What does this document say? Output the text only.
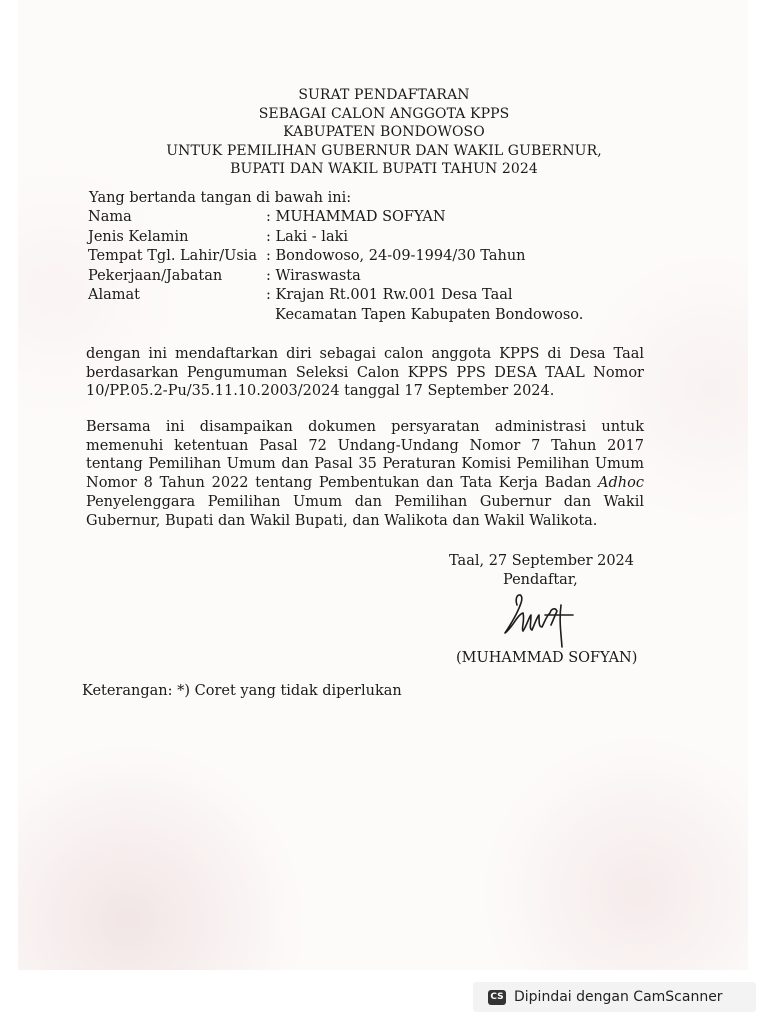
SURAT PENDAFTARAN
SEBAGAI CALON ANGGOTA KPPS
KABUPATEN BONDOWOSO
UNTUK PEMILIHAN GUBERNUR DAN WAKIL GUBERNUR,
BUPATI DAN WAKIL BUPATI TAHUN 2024
Yang bertanda tangan di bawah ini:
Nama	: MUHAMMAD SOFYAN
Jenis Kelamin	: Laki - laki
Tempat Tgl. Lahir/Usia : Bondowoso, 24-09-1994/30 Tahun
Pekerjaan/Jabatan	: Wiraswasta
Alamat	: Krajan Rt.001 Rw.001 Desa Taal
Kecamatan Tapen Kabupaten Bondowoso.
dengan ini mendaftarkan diri sebagai calon anggota KPPS di Desa Taal berdasarkan Pengumuman Seleksi Calon KPPS PPS DESA TAAL Nomor 10/PP.05.2-Pu/35.11.10.2003/2024 tanggal 17 September 2024.
Bersama ini disampaikan dokumen persyaratan administrasi untuk memenuhi ketentuan Pasal 72 Undang-Undang Nomor 7 Tahun 2017 tentang Pemilihan Umum dan Pasal 35 Peraturan Komisi Pemilihan Umum Nomor 8 Tahun 2022 tentang Pembentukan dan Tata Kerja Badan Adhoc Penyelenggara Pemilihan Umum dan Pemilihan Gubernur dan Wakil Gubernur, Bupati dan Wakil Bupati, dan Walikota dan Wakil Walikota.
Taal, 27 September 2024
Pendaftar,
(MUHAMMAD SOFYAN)
Keterangan: *) Coret yang tidak diperlukan
CS Dipindai dengan CamScanner
